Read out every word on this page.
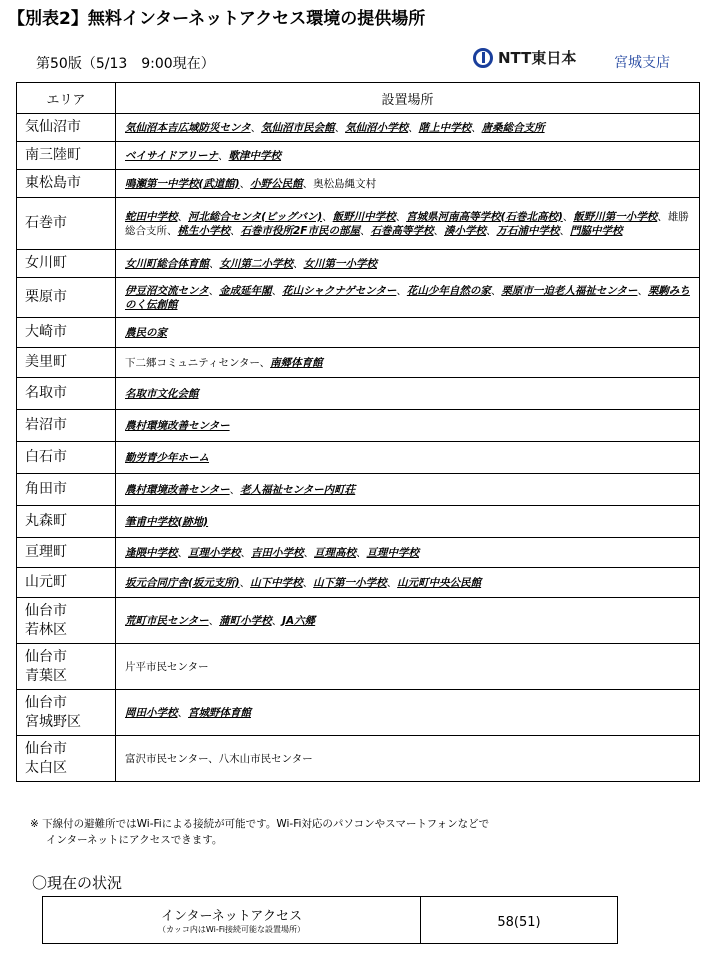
【別表2】無料インターネットアクセス環境の提供場所
第50版（5/13　9:00現在）	NTT東日本	宮城支店
エリア	設置場所

気仙沼市	気仙沼本吉広域防災センタ、気仙沼市民会館、気仙沼小学校、階上中学校、唐桑総合支所

南三陸町	ベイサイドアリーナ、歌津中学校

東松島市	鳴瀬第一中学校(武道館)、小野公民館、奥松島縄文村

石巻市	蛇田中学校、河北総合センタ(ビッグバン)、飯野川中学校、宮城県河南高等学校(石巻北高校)、飯野川第一小学校、雄勝総合支所、桃生小学校、石巻市役所2F市民の部屋、石巻高等学校、湊小学校、万石浦中学校、門脇中学校

女川町	女川町総合体育館、女川第二小学校、女川第一小学校

栗原市	伊豆沼交流センタ、金成延年閣、花山シャクナゲセンター、花山少年自然の家、栗原市一迫老人福祉センター、栗駒みちのく伝創館

大崎市	農民の家

美里町	下二郷コミュニティセンター、南郷体育館

名取市	名取市文化会館

岩沼市	農村環境改善センター

白石市	勤労青少年ホーム

角田市	農村環境改善センター、老人福祉センター内町荘

丸森町	筆甫中学校(跡地)

亘理町	逢隈中学校、亘理小学校、吉田小学校、亘理高校、亘理中学校

山元町	坂元合同庁舎(坂元支所)、山下中学校、山下第一小学校、山元町中央公民館

仙台市
若林区	荒町市民センター、蒲町小学校、JA六郷

仙台市
青葉区	片平市民センター

仙台市
宮城野区	岡田小学校、宮城野体育館

仙台市
太白区	富沢市民センター、八木山市民センター
※ 下線付の避難所ではWi-Fiによる接続が可能です。Wi-Fi対応のパソコンやスマートフォンなどで
インターネットにアクセスできます。
〇現在の状況
インターネットアクセス
（カッコ内はWi-Fi接続可能な設置場所）	58(51)
